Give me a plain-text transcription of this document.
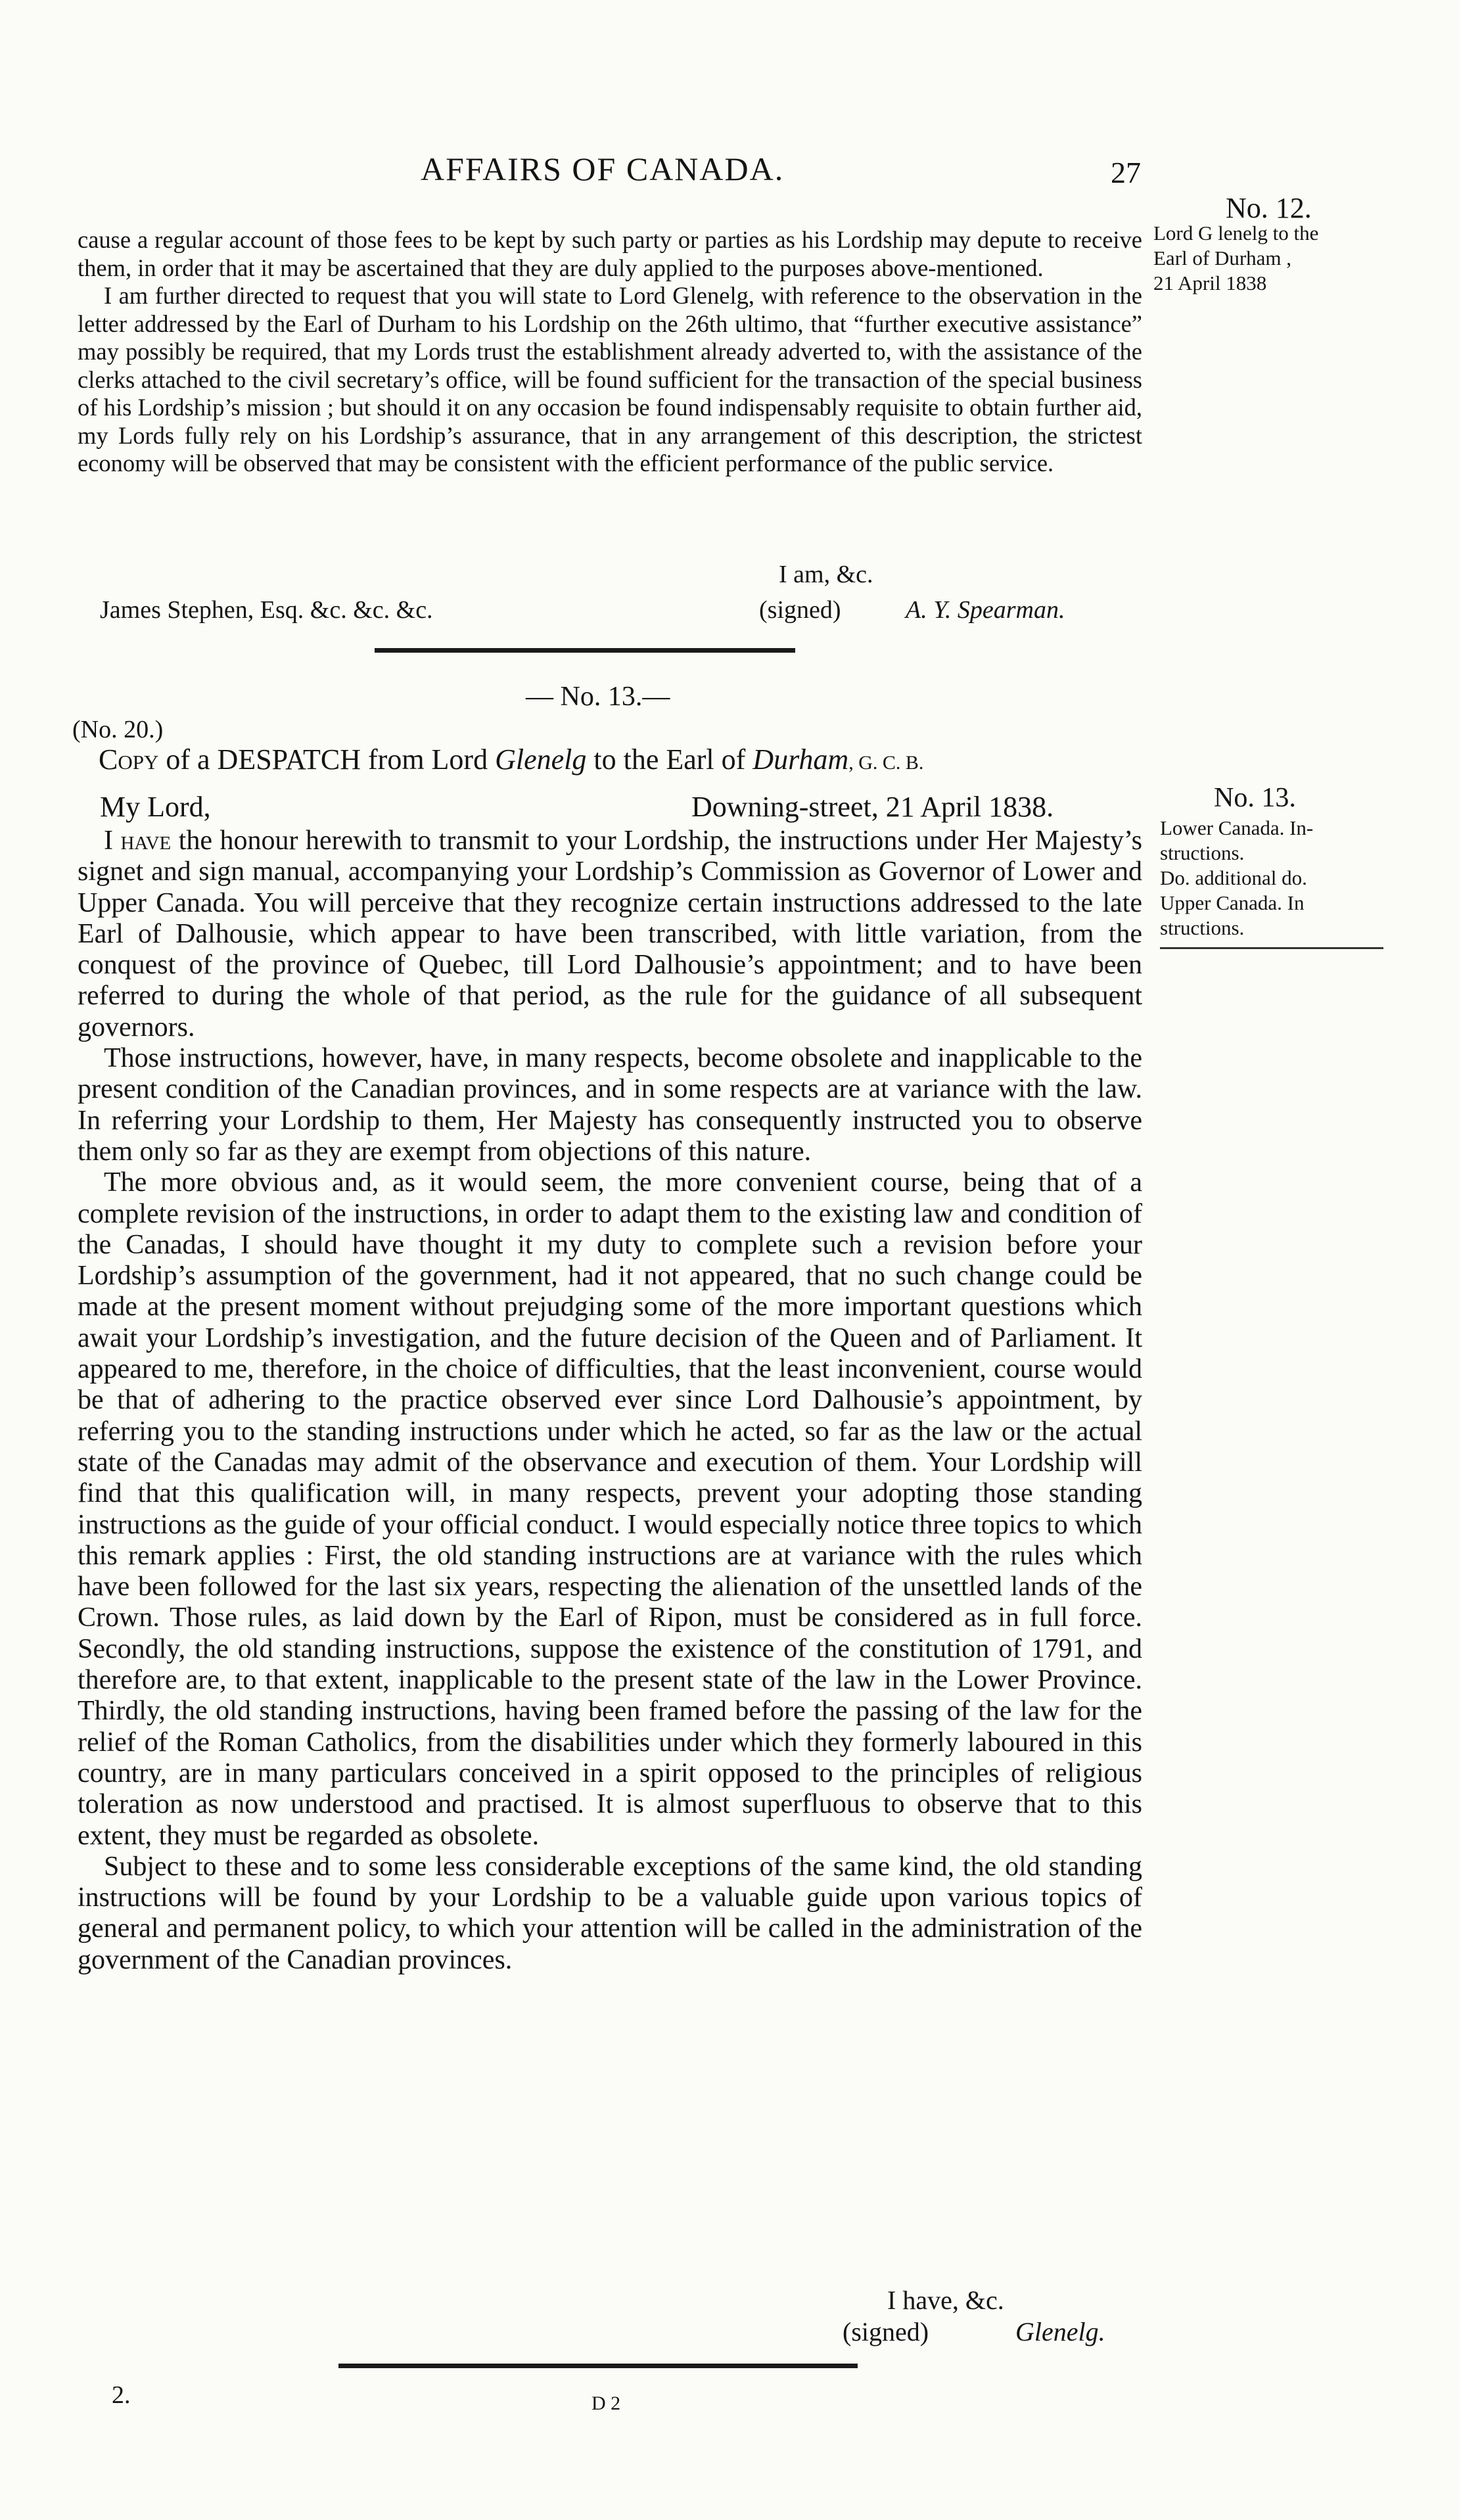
AFFAIRS OF CANADA.	27
No. 12.
Lord G lenelg to the
Earl of Durham ,
21 April 1838

cause a regular account of those fees to be kept by such party or parties as his Lordship may depute to receive them, in order that it may be ascertained that they are duly applied to the purposes above-mentioned.

I am further directed to request that you will state to Lord Glenelg, with reference to the observation in the letter addressed by the Earl of Durham to his Lordship on the 26th ultimo, that “further executive assistance” may possibly be required, that my Lords trust the establishment already adverted to, with the assistance of the clerks attached to the civil secretary’s office, will be found sufficient for the transaction of the special business of his Lordship’s mission ; but should it on any occasion be found indispensably requisite to obtain further aid, my Lords fully rely on his Lordship’s assurance, that in any arrangement of this description, the strictest economy will be observed that may be consistent with the efficient performance of the public service.

I am, &c.
James Stephen, Esq. &c. &c. &c.	(signed)	A. Y. Spearman.
— No. 13.—
(No. 20.)
Copy of a DESPATCH from Lord Glenelg to the Earl of Durham, G. C. B.
My Lord,	Downing-street, 21 April 1838.	No. 13.
Lower Canada. In-
structions.
Do. additional do.
Upper Canada. In
structions.

I have the honour herewith to transmit to your Lordship, the instructions under Her Majesty’s signet and sign manual, accompanying your Lordship’s Commission as Governor of Lower and Upper Canada. You will perceive that they recognize certain instructions addressed to the late Earl of Dalhousie, which appear to have been transcribed, with little variation, from the conquest of the province of Quebec, till Lord Dalhousie’s appointment; and to have been referred to during the whole of that period, as the rule for the guidance of all subsequent governors.

Those instructions, however, have, in many respects, become obsolete and inapplicable to the present condition of the Canadian provinces, and in some respects are at variance with the law. In referring your Lordship to them, Her Majesty has consequently instructed you to observe them only so far as they are exempt from objections of this nature.

The more obvious and, as it would seem, the more convenient course, being that of a complete revision of the instructions, in order to adapt them to the existing law and condition of the Canadas, I should have thought it my duty to complete such a revision before your Lordship’s assumption of the government, had it not appeared, that no such change could be made at the present moment without prejudging some of the more important questions which await your Lordship’s investigation, and the future decision of the Queen and of Parliament. It appeared to me, therefore, in the choice of difficulties, that the least inconvenient, course would be that of adhering to the practice observed ever since Lord Dalhousie’s appointment, by referring you to the standing instructions under which he acted, so far as the law or the actual state of the Canadas may admit of the observance and execution of them. Your Lordship will find that this qualification will, in many respects, prevent your adopting those standing instructions as the guide of your official conduct. I would especially notice three topics to which this remark applies : First, the old standing instructions are at variance with the rules which have been followed for the last six years, respecting the alienation of the unsettled lands of the Crown. Those rules, as laid down by the Earl of Ripon, must be considered as in full force. Secondly, the old standing instructions, suppose the existence of the constitution of 1791, and therefore are, to that extent, inapplicable to the present state of the law in the Lower Province. Thirdly, the old standing instructions, having been framed before the passing of the law for the relief of the Roman Catholics, from the disabilities under which they formerly laboured in this country, are in many particulars conceived in a spirit opposed to the principles of religious toleration as now understood and practised. It is almost superfluous to observe that to this extent, they must be regarded as obsolete.

Subject to these and to some less considerable exceptions of the same kind, the old standing instructions will be found by your Lordship to be a valuable guide upon various topics of general and permanent policy, to which your attention will be called in the administration of the government of the Canadian provinces.

I have, &c.
(signed)	Glenelg.
2.	D 2
